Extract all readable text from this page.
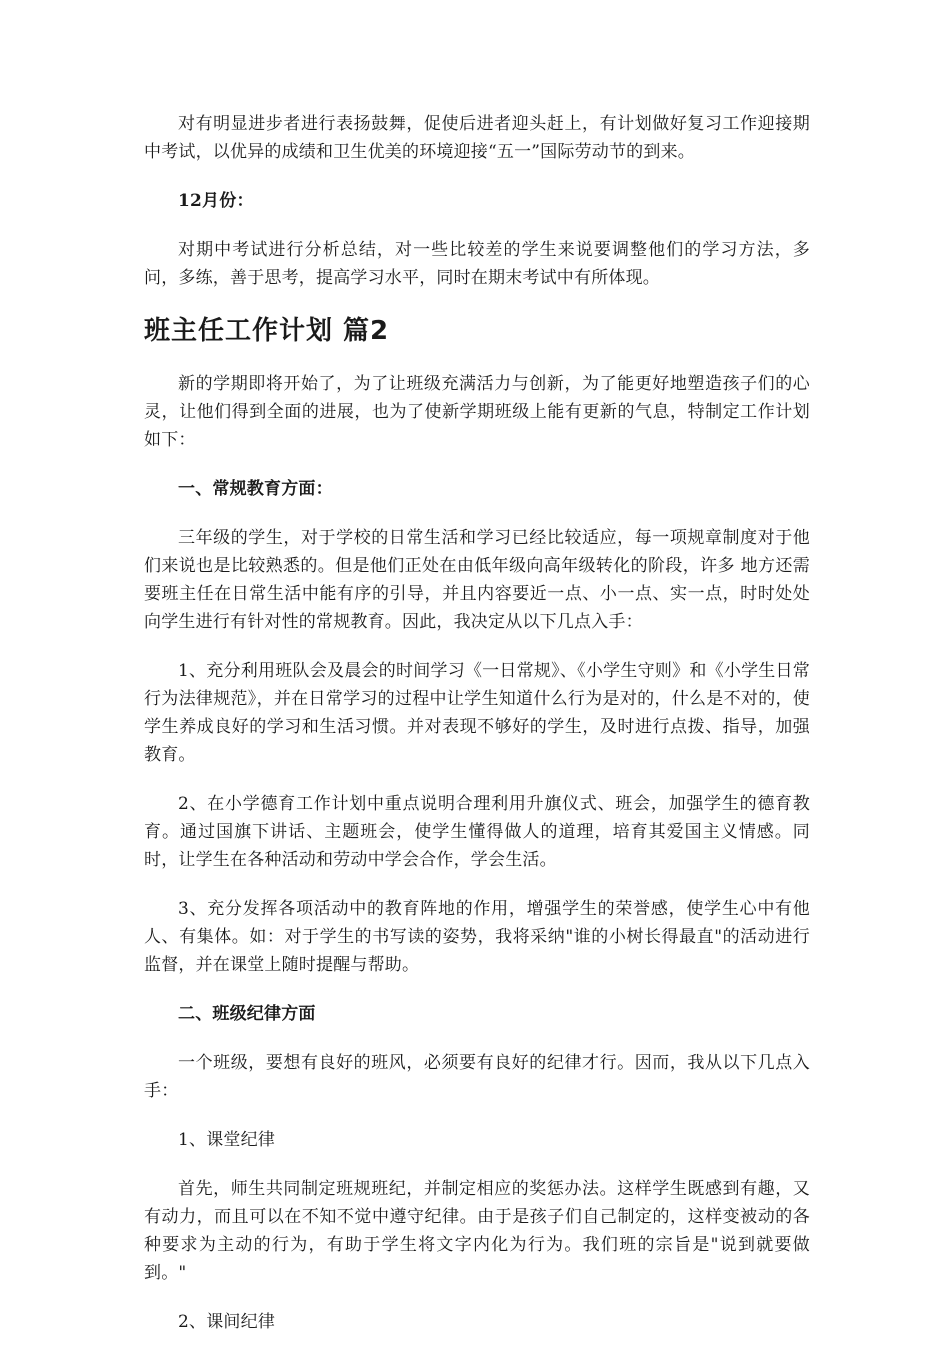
对有明显进步者进行表扬鼓舞，促使后进者迎头赶上，有计划做好复习工作迎接期中考试，以优异的成绩和卫生优美的环境迎接“五一”国际劳动节的到来。

12月份：

对期中考试进行分析总结，对一些比较差的学生来说要调整他们的学习方法，多问，多练，善于思考，提高学习水平，同时在期末考试中有所体现。

班主任工作计划 篇2

新的学期即将开始了，为了让班级充满活力与创新，为了能更好地塑造孩子们的心灵，让他们得到全面的进展，也为了使新学期班级上能有更新的气息，特制定工作计划如下：

一、常规教育方面：

三年级的学生，对于学校的日常生活和学习已经比较适应，每一项规章制度对于他们来说也是比较熟悉的。但是他们正处在由低年级向高年级转化的阶段，许多 地方还需要班主任在日常生活中能有序的引导，并且内容要近一点、小一点、实一点，时时处处向学生进行有针对性的常规教育。因此，我决定从以下几点入手：

1、充分利用班队会及晨会的时间学习《一日常规》、《小学生守则》和《小学生日常行为法律规范》，并在日常学习的过程中让学生知道什么行为是对的，什么是不对的，使学生养成良好的学习和生活习惯。并对表现不够好的学生，及时进行点拨、指导，加强教育。

2、在小学德育工作计划中重点说明合理利用升旗仪式、班会，加强学生的德育教育。通过国旗下讲话、主题班会，使学生懂得做人的道理，培育其爱国主义情感。同时，让学生在各种活动和劳动中学会合作，学会生活。

3、充分发挥各项活动中的教育阵地的作用，增强学生的荣誉感，使学生心中有他人、有集体。如：对于学生的书写读的姿势，我将采纳"谁的小树长得最直"的活动进行监督，并在课堂上随时提醒与帮助。

二、班级纪律方面

一个班级，要想有良好的班风，必须要有良好的纪律才行。因而，我从以下几点入手：

1、课堂纪律

首先，师生共同制定班规班纪，并制定相应的奖惩办法。这样学生既感到有趣，又有动力，而且可以在不知不觉中遵守纪律。由于是孩子们自己制定的，这样变被动的各种要求为主动的行为，有助于学生将文字内化为行为。我们班的宗旨是"说到就要做到。"

2、课间纪律
